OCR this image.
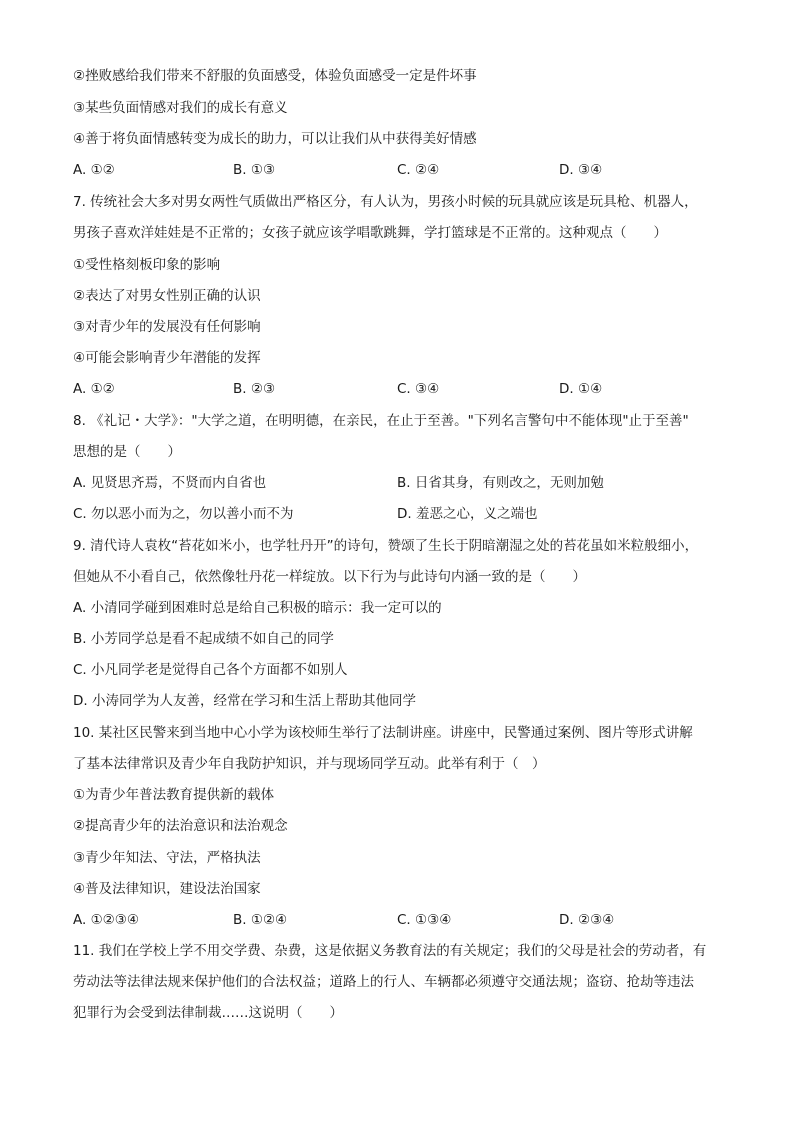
②挫败感给我们带来不舒服的负面感受，体验负面感受一定是件坏事
③某些负面情感对我们的成长有意义
④善于将负面情感转变为成长的助力，可以让我们从中获得美好情感
A. ①②	B. ①③	C. ②④	D. ③④
7. 传统社会大多对男女两性气质做出严格区分，有人认为，男孩小时候的玩具就应该是玩具枪、机器人，
男孩子喜欢洋娃娃是不正常的；女孩子就应该学唱歌跳舞，学打篮球是不正常的。这种观点（　　）
①受性格刻板印象的影响
②表达了对男女性别正确的认识
③对青少年的发展没有任何影响
④可能会影响青少年潜能的发挥
A. ①②	B. ②③	C. ③④	D. ①④
8. 《礼记・大学》："大学之道，在明明德，在亲民，在止于至善。"下列名言警句中不能体现"止于至善"
思想的是（　　）
A. 见贤思齐焉，不贤而内自省也	B. 日省其身，有则改之，无则加勉
C. 勿以恶小而为之，勿以善小而不为	D. 羞恶之心，义之端也
9. 清代诗人袁枚“苔花如米小，也学牡丹开”的诗句，赞颂了生长于阴暗潮湿之处的苔花虽如米粒般细小，
但她从不小看自己，依然像牡丹花一样绽放。以下行为与此诗句内涵一致的是（　　）
A. 小清同学碰到困难时总是给自己积极的暗示：我一定可以的
B. 小芳同学总是看不起成绩不如自己的同学
C. 小凡同学老是觉得自己各个方面都不如别人
D. 小涛同学为人友善，经常在学习和生活上帮助其他同学
10. 某社区民警来到当地中心小学为该校师生举行了法制讲座。讲座中，民警通过案例、图片等形式讲解
了基本法律常识及青少年自我防护知识，并与现场同学互动。此举有利于（　）
①为青少年普法教育提供新的载体
②提高青少年的法治意识和法治观念
③青少年知法、守法，严格执法
④普及法律知识，建设法治国家
A. ①②③④	B. ①②④	C. ①③④	D. ②③④
11. 我们在学校上学不用交学费、杂费，这是依据义务教育法的有关规定；我们的父母是社会的劳动者，有
劳动法等法律法规来保护他们的合法权益；道路上的行人、车辆都必须遵守交通法规；盗窃、抢劫等违法
犯罪行为会受到法律制裁……这说明（　　）
